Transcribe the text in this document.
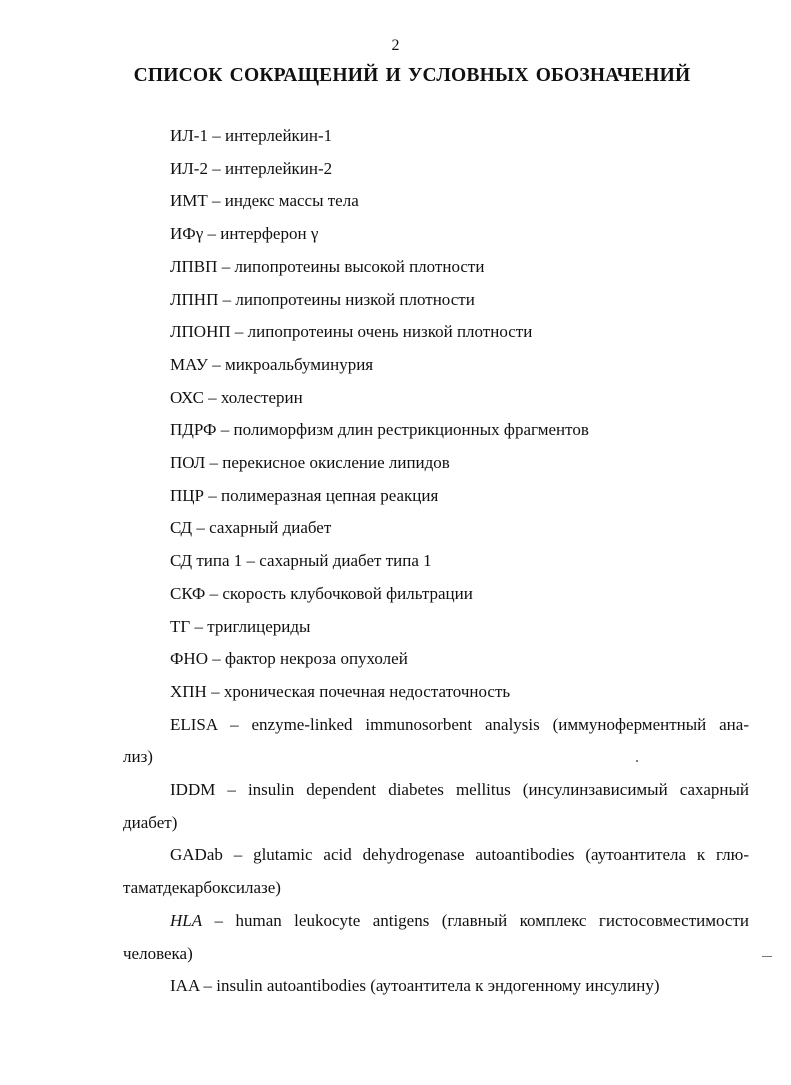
2
СПИСОК СОКРАЩЕНИЙ И УСЛОВНЫХ ОБОЗНАЧЕНИЙ
ИЛ-1 – интерлейкин-1
ИЛ-2 – интерлейкин-2
ИМТ – индекс массы тела
ИФγ – интерферон γ
ЛПВП – липопротеины высокой плотности
ЛПНП – липопротеины низкой плотности
ЛПОНП – липопротеины очень низкой плотности
МАУ – микроальбуминурия
ОХС – холестерин
ПДРФ – полиморфизм длин рестрикционных фрагментов
ПОЛ – перекисное окисление липидов
ПЦР – полимеразная цепная реакция
СД – сахарный диабет
СД типа 1 – сахарный диабет типа 1
СКФ – скорость клубочковой фильтрации
ТГ – триглицериды
ФНО – фактор некроза опухолей
ХПН – хроническая почечная недостаточность
ELISA – enzyme-linked immunosorbent analysis (иммуноферментный ана-
лиз)
IDDM – insulin dependent diabetes mellitus (инсулинзависимый сахарный
диабет)
GADab – glutamic acid dehydrogenase autoantibodies (аутоантитела к глю-
таматдекарбоксилазе)
HLA – human leukocyte antigens (главный комплекс гистосовместимости
человека)
IAA – insulin autoantibodies (аутоантитела к эндогенному инсулину)
